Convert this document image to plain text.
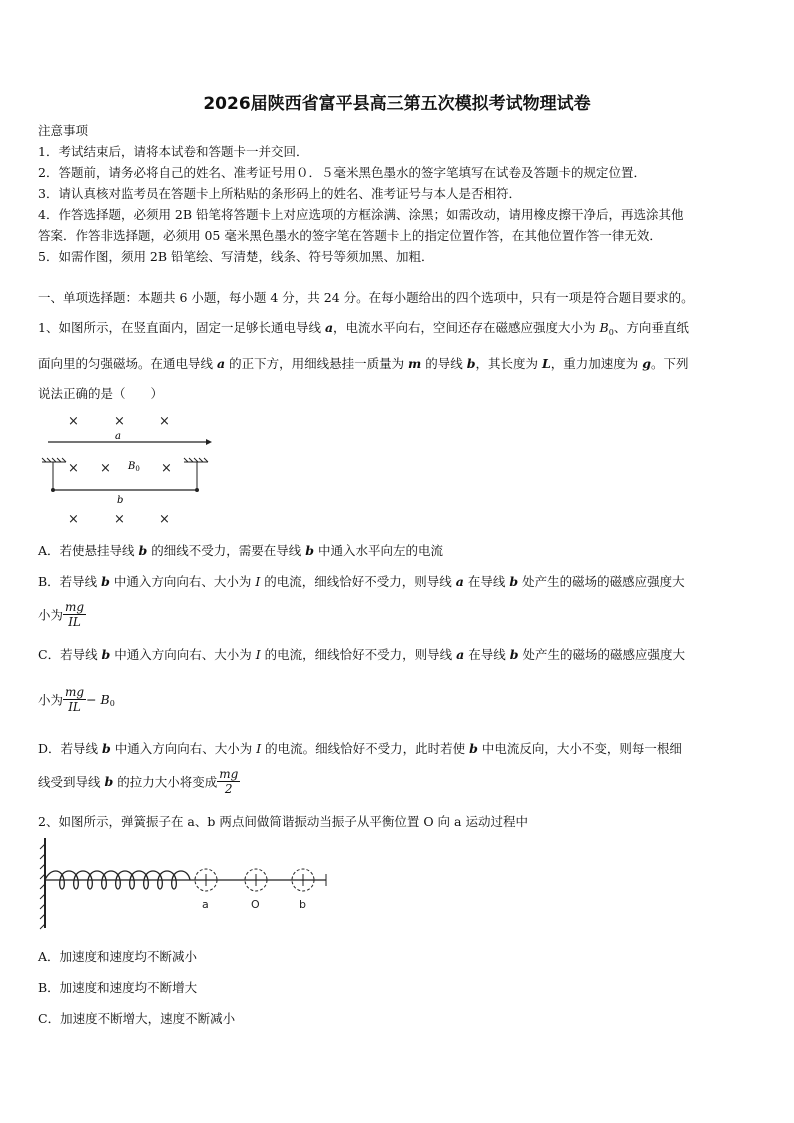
2026届陕西省富平县高三第五次模拟考试物理试卷
注意事项
1．考试结束后，请将本试卷和答题卡一并交回．
2．答题前，请务必将自己的姓名、准考证号用０．５毫米黑色墨水的签字笔填写在试卷及答题卡的规定位置．
3．请认真核对监考员在答题卡上所粘贴的条形码上的姓名、准考证号与本人是否相符．
4．作答选择题，必须用 2B 铅笔将答题卡上对应选项的方框涂满、涂黑；如需改动，请用橡皮擦干净后，再选涂其他
答案．作答非选择题，必须用 05 毫米黑色墨水的签字笔在答题卡上的指定位置作答，在其他位置作答一律无效．
5．如需作图，须用 2B 铅笔绘、写清楚，线条、符号等须加黑、加粗．
一、单项选择题：本题共 6 小题，每小题 4 分，共 24 分。在每小题给出的四个选项中，只有一项是符合题目要求的。
1、如图所示，在竖直面内，固定一足够长通电导线 a，电流水平向右，空间还存在磁感应强度大小为 $B_0$、方向垂直纸
面向里的匀强磁场。在通电导线 a 的正下方，用细线悬挂一质量为 m 的导线 b，其长度为 L，重力加速度为 g。下列
说法正确的是（　　）
×	×	×
× ×	×
×	×	×
a
$B_0$
b
A．若使悬挂导线 b 的细线不受力，需要在导线 b 中通入水平向左的电流
B．若导线 b 中通入方向向右、大小为 I 的电流，细线恰好不受力，则导线 a 在导线 b 处产生的磁场的磁感应强度大
小为 $\frac{mg}{IL}$
C．若导线 b 中通入方向向右、大小为 I 的电流，细线恰好不受力，则导线 a 在导线 b 处产生的磁场的磁感应强度大
小为 $\frac{mg}{IL} - B_0$
D．若导线 b 中通入方向向右、大小为 I 的电流。细线恰好不受力，此时若使 b 中电流反向，大小不变，则每一根细
线受到导线 b 的拉力大小将变成 $\frac{mg}{2}$
2、如图所示，弹簧振子在 a、b 两点间做简谐振动当振子从平衡位置 O 向 a 运动过程中
a	O	b
A．加速度和速度均不断减小
B．加速度和速度均不断增大
C．加速度不断增大，速度不断减小
